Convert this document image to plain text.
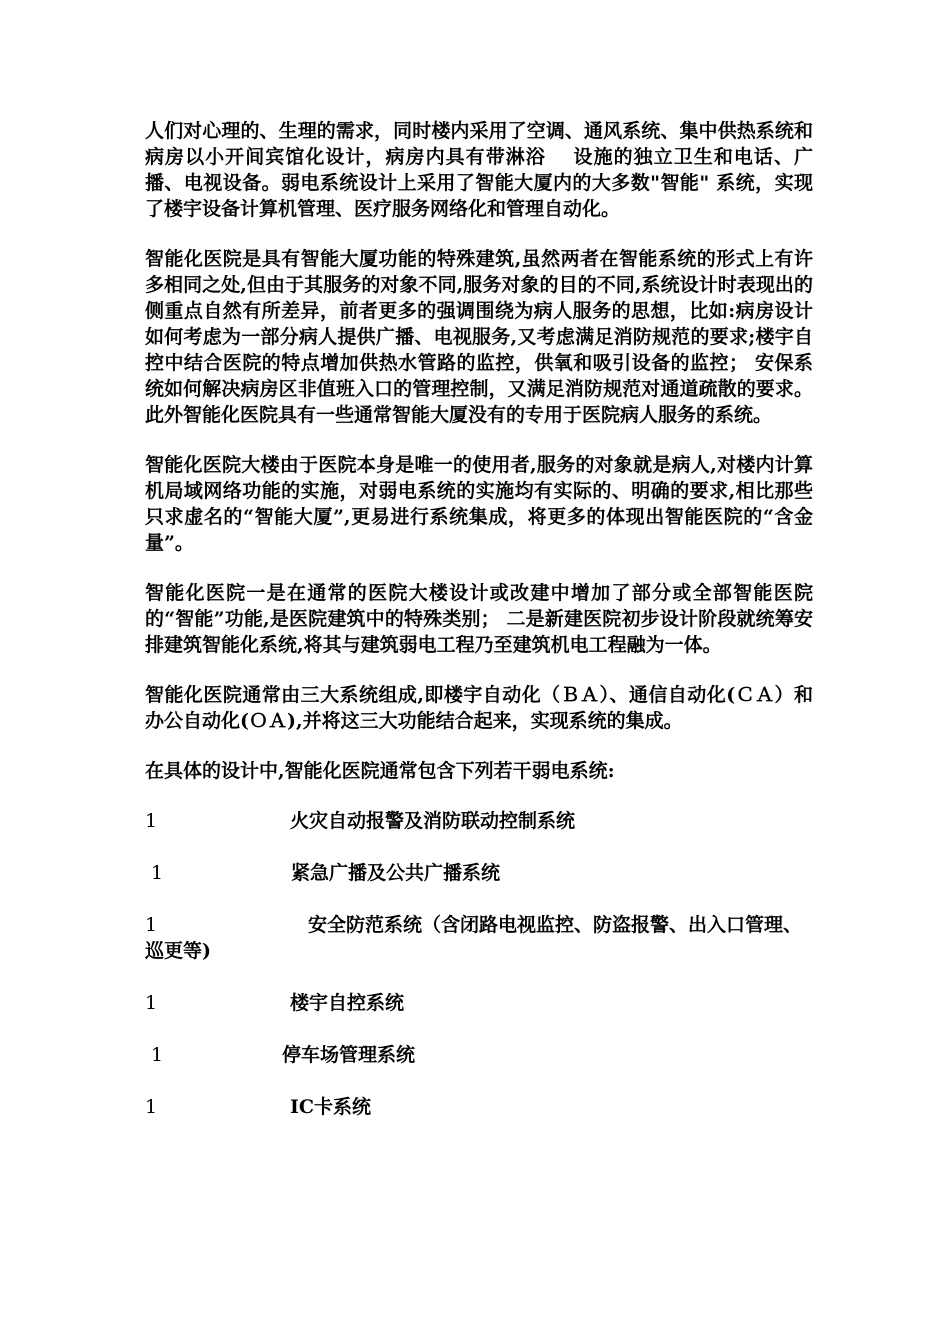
人们对心理的、生理的需求，同时楼内采用了空调、通风系统、集中供热系统和病房以小开间宾馆化设计，病房内具有带淋浴　 设施的独立卫生和电话、广播、电视设备。弱电系统设计上采用了智能大厦内的大多数"智能" 系统，实现了楼宇设备计算机管理、医疗服务网络化和管理自动化。

智能化医院是具有智能大厦功能的特殊建筑,虽然两者在智能系统的形式上有许多相同之处,但由于其服务的对象不同,服务对象的目的不同,系统设计时表现出的侧重点自然有所差异，前者更多的强调围绕为病人服务的思想，比如:病房设计如何考虑为一部分病人提供广播、电视服务,又考虑满足消防规范的要求;楼宇自控中结合医院的特点增加供热水管路的监控，供氧和吸引设备的监控； 安保系统如何解决病房区非值班入口的管理控制，又满足消防规范对通道疏散的要求。此外智能化医院具有一些通常智能大厦没有的专用于医院病人服务的系统。

智能化医院大楼由于医院本身是唯一的使用者,服务的对象就是病人,对楼内计算机局域网络功能的实施，对弱电系统的实施均有实际的、明确的要求,相比那些只求虚名的“智能大厦”,更易进行系统集成，将更多的体现出智能医院的“含金量”。

智能化医院一是在通常的医院大楼设计或改建中增加了部分或全部智能医院的“智能”功能,是医院建筑中的特殊类别； 二是新建医院初步设计阶段就统筹安排建筑智能化系统,将其与建筑弱电工程乃至建筑机电工程融为一体。

智能化医院通常由三大系统组成,即楼宇自动化（ＢＡ）、通信自动化(ＣＡ）和办公自动化(ＯＡ),并将这三大功能结合起来，实现系统的集成。

在具体的设计中,智能化医院通常包含下列若干弱电系统:

1	火灾自动报警及消防联动控制系统
1	紧急广播及公共广播系统
1	安全防范系统（含闭路电视监控、防盗报警、出入口管理、巡更等)
1	楼宇自控系统
1	停车场管理系统
1	IC卡系统
